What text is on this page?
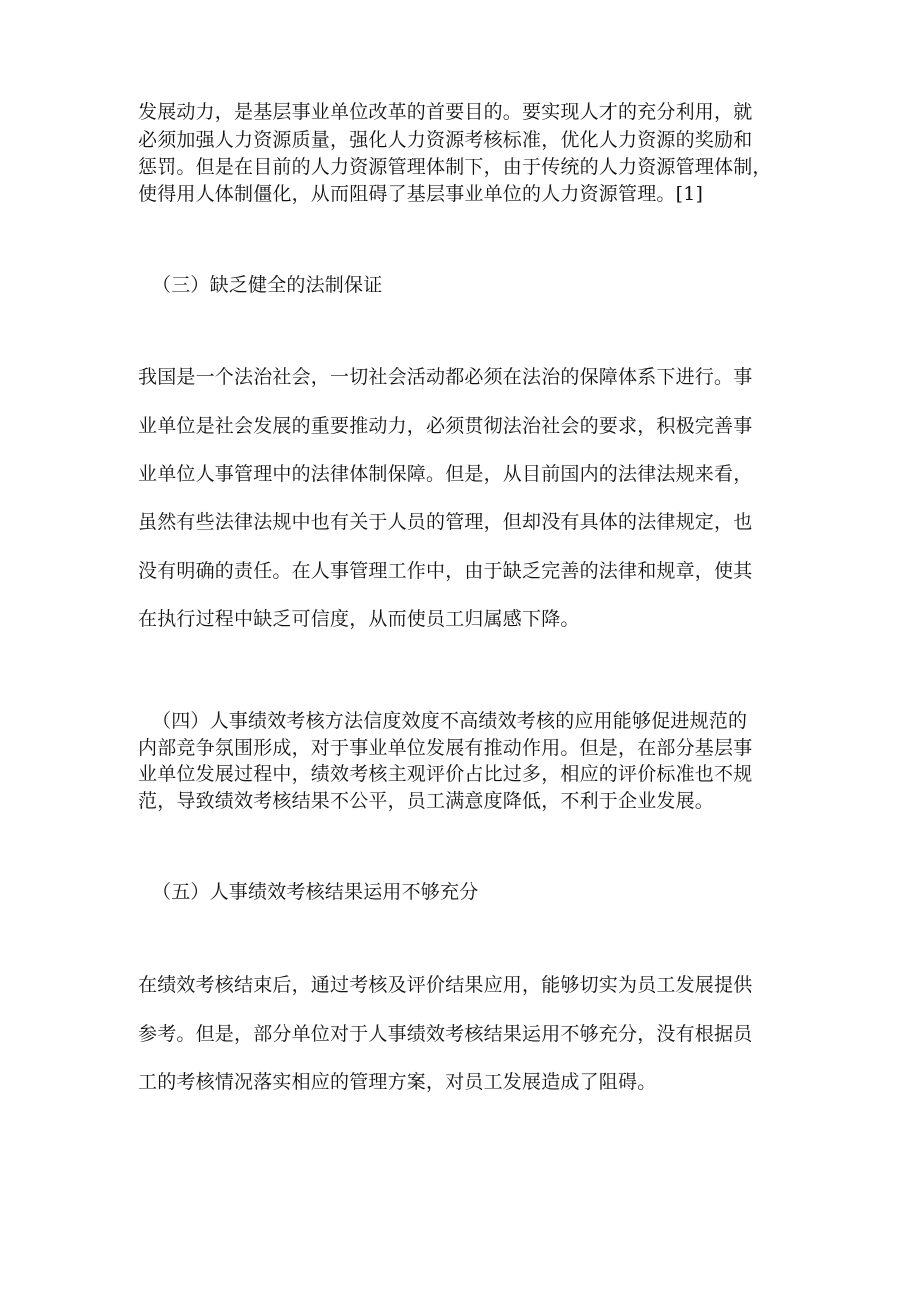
发展动力，是基层事业单位改革的首要目的。要实现人才的充分利用，就
必须加强人力资源质量，强化人力资源考核标准，优化人力资源的奖励和
惩罚。但是在目前的人力资源管理体制下，由于传统的人力资源管理体制，
使得用人体制僵化，从而阻碍了基层事业单位的人力资源管理。[1]
（三）缺乏健全的法制保证
我国是一个法治社会，一切社会活动都必须在法治的保障体系下进行。事
业单位是社会发展的重要推动力，必须贯彻法治社会的要求，积极完善事
业单位人事管理中的法律体制保障。但是，从目前国内的法律法规来看，
虽然有些法律法规中也有关于人员的管理，但却没有具体的法律规定，也
没有明确的责任。在人事管理工作中，由于缺乏完善的法律和规章，使其
在执行过程中缺乏可信度，从而使员工归属感下降。
（四）人事绩效考核方法信度效度不高绩效考核的应用能够促进规范的
内部竞争氛围形成，对于事业单位发展有推动作用。但是，在部分基层事
业单位发展过程中，绩效考核主观评价占比过多，相应的评价标准也不规
范，导致绩效考核结果不公平，员工满意度降低，不利于企业发展。
（五）人事绩效考核结果运用不够充分
在绩效考核结束后，通过考核及评价结果应用，能够切实为员工发展提供
参考。但是，部分单位对于人事绩效考核结果运用不够充分，没有根据员
工的考核情况落实相应的管理方案，对员工发展造成了阻碍。
